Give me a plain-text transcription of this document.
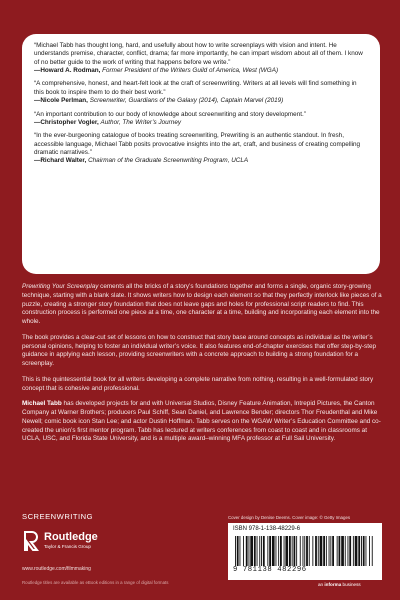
“Michael Tabb has thought long, hard, and usefully about how to write screenplays with vision and intent. He understands premise, character, conflict, drama; far more importantly, he can impart wisdom about all of them. I know of no better guide to the work of writing that happens before we write.”
—Howard A. Rodman, Former President of the Writers Guild of America, West (WGA)
“A comprehensive, honest, and heart-felt look at the craft of screenwriting. Writers at all levels will find something in this book to inspire them to do their best work.”
—Nicole Perlman, Screenwriter, Guardians of the Galaxy (2014), Captain Marvel (2019)
“An important contribution to our body of knowledge about screenwriting and story development.”
—Christopher Vogler, Author, The Writer’s Journey
“In the ever-burgeoning catalogue of books treating screenwriting, Prewriting is an authentic standout. In fresh, accessible language, Michael Tabb posits provocative insights into the art, craft, and business of creating compelling dramatic narratives.”
—Richard Walter, Chairman of the Graduate Screenwriting Program, UCLA

Prewriting Your Screenplay cements all the bricks of a story’s foundations together and forms a single, organic story-growing technique, starting with a blank slate. It shows writers how to design each element so that they perfectly interlock like pieces of a puzzle, creating a stronger story foundation that does not leave gaps and holes for professional script readers to find. This construction process is performed one piece at a time, one character at a time, building and incorporating each element into the whole.

The book provides a clear-cut set of lessons on how to construct that story base around concepts as individual as the writer’s personal opinions, helping to foster an individual writer’s voice. It also features end-of-chapter exercises that offer step-by-step guidance in applying each lesson, providing screenwriters with a concrete approach to building a strong foundation for a screenplay.

This is the quintessential book for all writers developing a complete narrative from nothing, resulting in a well-formulated story concept that is cohesive and professional.

Michael Tabb has developed projects for and with Universal Studios, Disney Feature Animation, Intrepid Pictures, the Canton Company at Warner Brothers; producers Paul Schiff, Sean Daniel, and Lawrence Bender; directors Thor Freudenthal and Mike Newell; comic book icon Stan Lee; and actor Dustin Hoffman. Tabb serves on the WGAW Writer’s Education Committee and co-created the union’s first mentor program. Tabb has lectured at writers conferences from coast to coast and in classrooms at UCLA, USC, and Florida State University, and is a multiple award–winning MFA professor at Full Sail University.

SCREENWRITING
Routledge
Taylor & Francis Group
www.routledge.com/filmmaking
Routledge titles are available as eBook editions in a range of digital formats
Cover design by Denise Deems. Cover image: © Getty Images
ISBN 978-1-138-48229-6
9 781138 482296
an informa business
